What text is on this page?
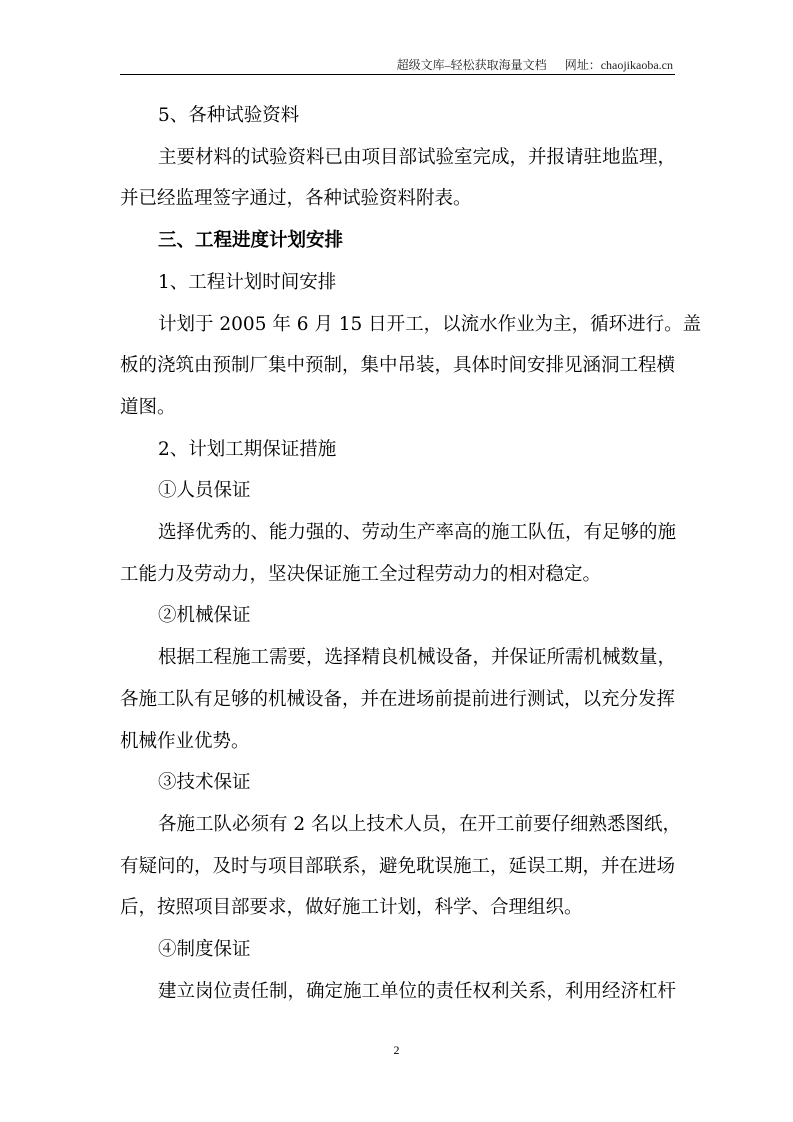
超级文库–轻松获取海量文档 网址：chaojikaoba.cn
5、各种试验资料
主要材料的试验资料已由项目部试验室完成，并报请驻地监理，
并已经监理签字通过，各种试验资料附表。
三、工程进度计划安排
1、工程计划时间安排
计划于 2005 年 6 月 15 日开工，以流水作业为主，循环进行。盖
板的浇筑由预制厂集中预制，集中吊装，具体时间安排见涵洞工程横
道图。
2、计划工期保证措施
①人员保证
选择优秀的、能力强的、劳动生产率高的施工队伍，有足够的施
工能力及劳动力，坚决保证施工全过程劳动力的相对稳定。
②机械保证
根据工程施工需要，选择精良机械设备，并保证所需机械数量，
各施工队有足够的机械设备，并在进场前提前进行测试，以充分发挥
机械作业优势。
③技术保证
各施工队必须有 2 名以上技术人员，在开工前要仔细熟悉图纸，
有疑问的，及时与项目部联系，避免耽误施工，延误工期，并在进场
后，按照项目部要求，做好施工计划，科学、合理组织。
④制度保证
建立岗位责任制，确定施工单位的责任权利关系，利用经济杠杆
2
